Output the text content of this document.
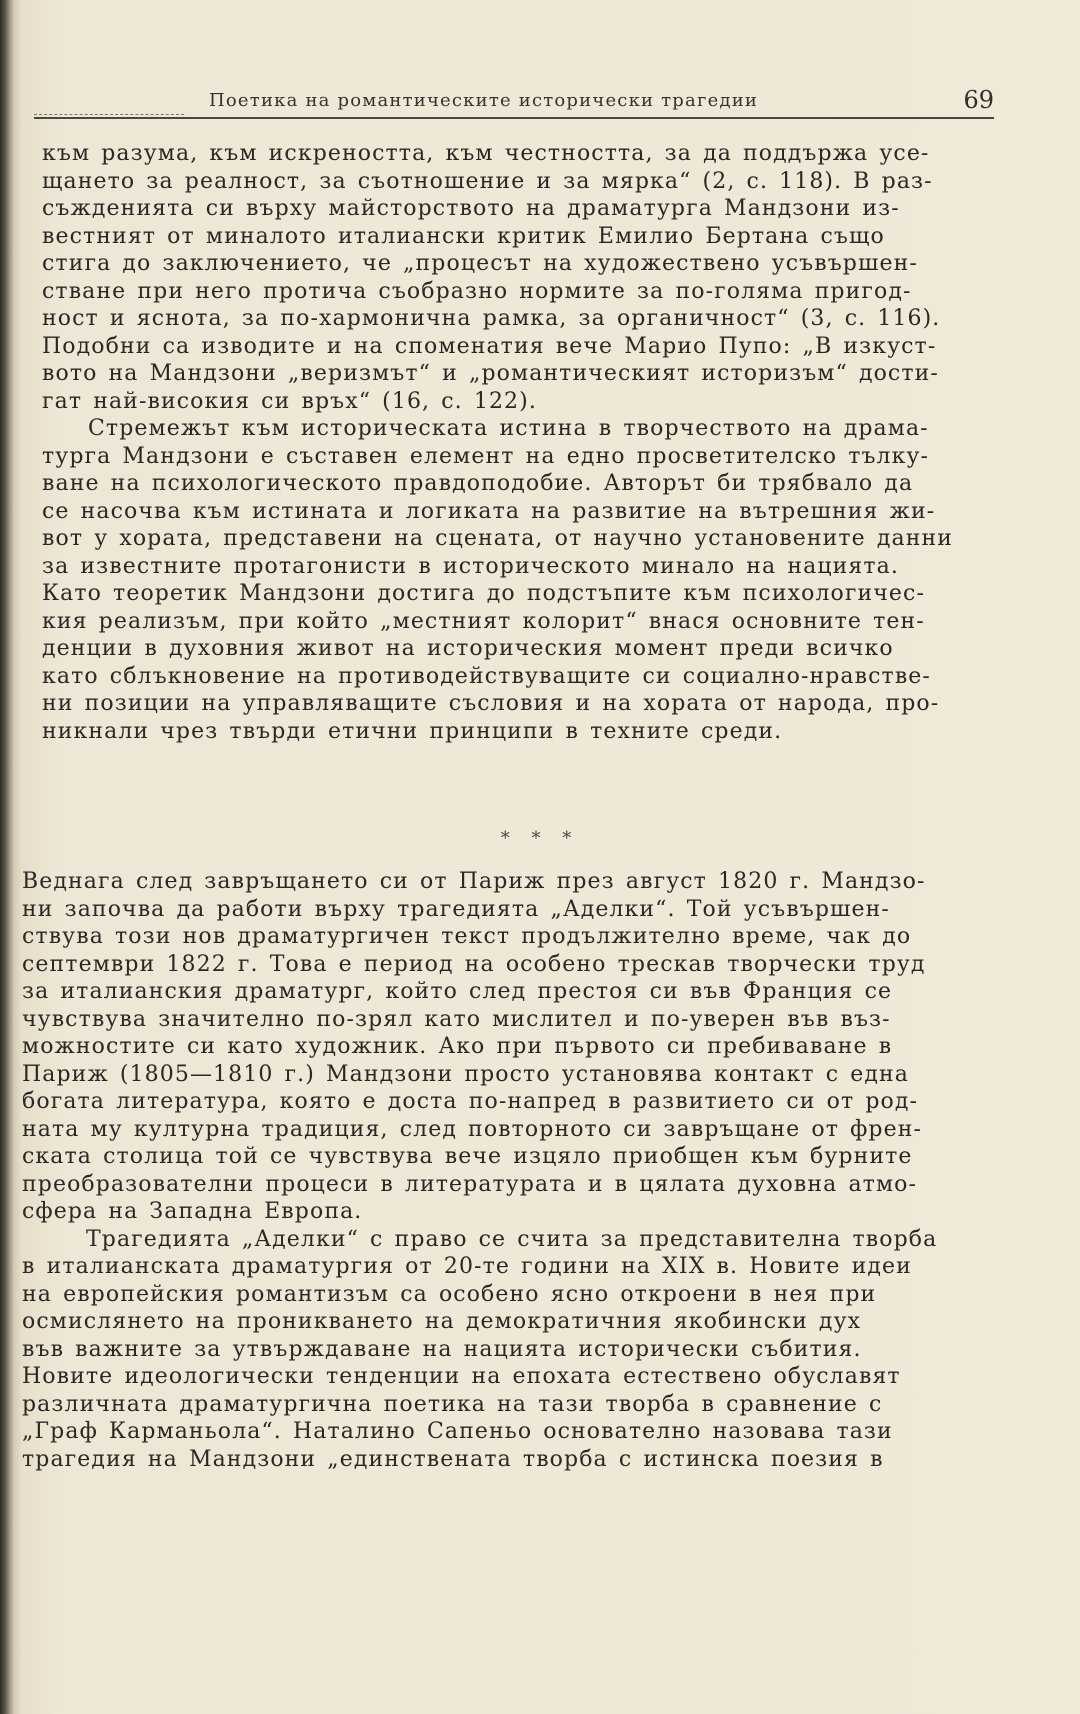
Поетика на романтическите исторически трагедии	69
към разума, към искреността, към честността, за да поддържа усе-
щането за реалност, за съотношение и за мярка“ (2, с. 118). В раз-
съжденията си върху майсторството на драматурга Мандзони из-
вестният от миналото италиански критик Емилио Бертана също
стига до заключението, че „процесът на художествено усъвършен-
стване при него протича съобразно нормите за по-голяма пригод-
ност и яснота, за по-хармонична рамка, за органичност“ (3, с. 116).
Подобни са изводите и на споменатия вече Марио Пупо: „В изкуст-
вото на Мандзони „веризмът“ и „романтическият историзъм“ дости-
гат най-високия си връх“ (16, с. 122).
Стремежът към историческата истина в творчеството на драма-
турга Мандзони е съставен елемент на едно просветителско тълку-
ване на психологическото правдоподобие. Авторът би трябвало да
се насочва към истината и логиката на развитие на вътрешния жи-
вот у хората, представени на сцената, от научно установените данни
за известните протагонисти в историческото минало на нацията.
Като теоретик Мандзони достига до подстъпите към психологичес-
кия реализъм, при който „местният колорит“ внася основните тен-
денции в духовния живот на историческия момент преди всичко
като сблъкновение на противодействуващите си социално-нравстве-
ни позиции на управляващите съсловия и на хората от народа, про-
никнали чрез твърди етични принципи в техните среди.
* * *
Веднага след завръщането си от Париж през август 1820 г. Мандзо-
ни започва да работи върху трагедията „Аделки“. Той усъвършен-
ствува този нов драматургичен текст продължително време, чак до
септември 1822 г. Това е период на особено трескав творчески труд
за италианския драматург, който след престоя си във Франция се
чувствува значително по-зрял като мислител и по-уверен във въз-
можностите си като художник. Ако при първото си пребиваване в
Париж (1805—1810 г.) Мандзони просто установява контакт с една
богата литература, която е доста по-напред в развитието си от род-
ната му културна традиция, след повторното си завръщане от френ-
ската столица той се чувствува вече изцяло приобщен към бурните
преобразователни процеси в литературата и в цялата духовна атмо-
сфера на Западна Европа.
Трагедията „Аделки“ с право се счита за представителна творба
в италианската драматургия от 20-те години на XIX в. Новите идеи
на европейския романтизъм са особено ясно откроени в нея при
осмислянето на проникването на демократичния якобински дух
във важните за утвърждаване на нацията исторически събития.
Новите идеологически тенденции на епохата естествено обуславят
различната драматургична поетика на тази творба в сравнение с
„Граф Карманьола“. Наталино Сапеньо основателно назовава тази
трагедия на Мандзони „единствената творба с истинска поезия в
